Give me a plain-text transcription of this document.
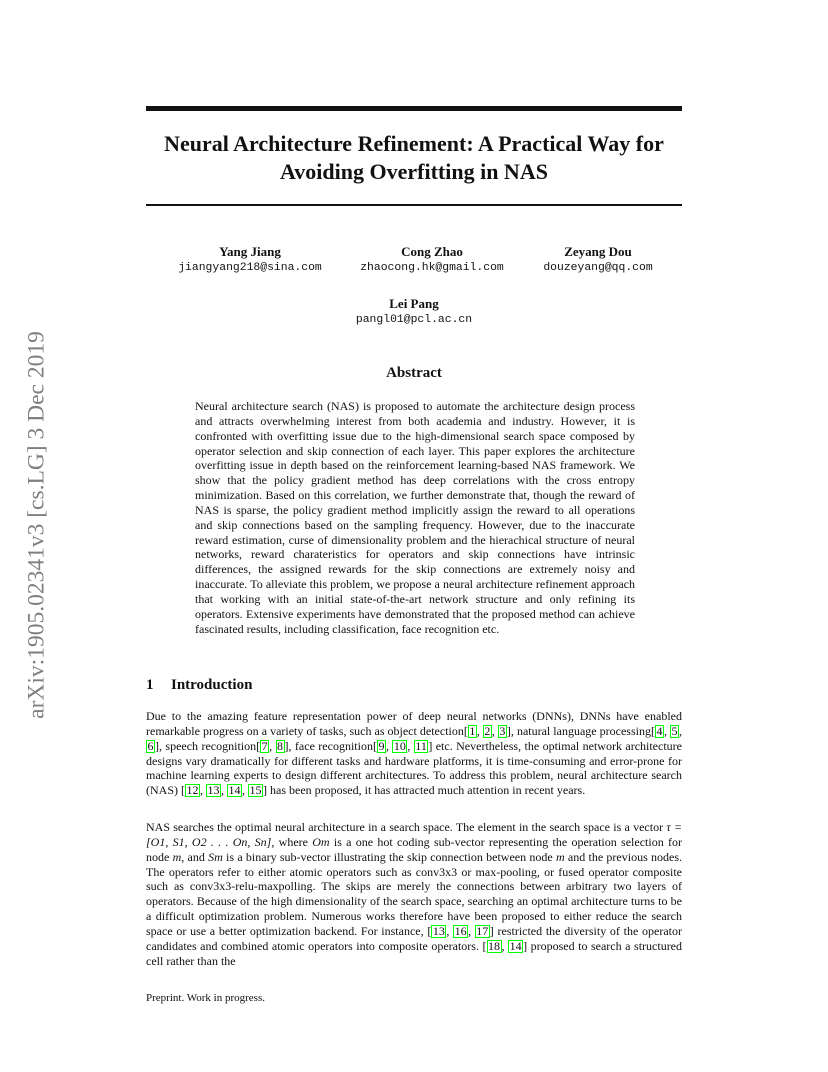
Neural Architecture Refinement: A Practical Way for
Avoiding Overfitting in NAS
arXiv:1905.02341v3 [cs.LG] 3 Dec 2019
Yang Jiang
jiangyang218@sina.com
Cong Zhao
zhaocong.hk@gmail.com
Zeyang Dou
douzeyang@qq.com
Lei Pang
pangl01@pcl.ac.cn
Abstract
Neural architecture search (NAS) is proposed to automate the architecture design process and attracts overwhelming interest from both academia and industry. However, it is confronted with overfitting issue due to the high-dimensional search space composed by operator selection and skip connection of each layer. This paper explores the architecture overfitting issue in depth based on the reinforcement learning-based NAS framework. We show that the policy gradient method has deep correlations with the cross entropy minimization. Based on this correlation, we further demonstrate that, though the reward of NAS is sparse, the policy gradient method implicitly assign the reward to all operations and skip connections based on the sampling frequency. However, due to the inaccurate reward estimation, curse of dimensionality problem and the hierachical structure of neural networks, reward charateristics for operators and skip connections have intrinsic differences, the assigned rewards for the skip connections are extremely noisy and inaccurate. To alleviate this problem, we propose a neural architecture refinement approach that working with an initial state-of-the-art network structure and only refining its operators. Extensive experiments have demonstrated that the proposed method can achieve fascinated results, including classification, face recognition etc.
1 Introduction
Due to the amazing feature representation power of deep neural networks (DNNs), DNNs have enabled remarkable progress on a variety of tasks, such as object detection[ 1 , 2 , 3 ], natural language processing[ 4 , 5 , 6 ], speech recognition[ 7 , 8 ], face recognition[ 9 , 10 , 11 ] etc. Nevertheless, the optimal network architecture designs vary dramatically for different tasks and hardware platforms, it is time-consuming and error-prone for machine learning experts to design different architectures. To address this problem, neural architecture search (NAS) [ 12 , 13 , 14 , 15 ] has been proposed, it has attracted much attention in recent years.
NAS searches the optimal neural architecture in a search space. The element in the search space is a vector τ = [O1, S1, O2 . . . On, Sn], where Om is a one hot coding sub-vector representing the operation selection for node m, and Sm is a binary sub-vector illustrating the skip connection between node m and the previous nodes. The operators refer to either atomic operators such as conv3x3 or max-pooling, or fused operator composite such as conv3x3-relu-maxpolling. The skips are merely the connections between arbitrary two layers of operators. Because of the high dimensionality of the search space, searching an optimal architecture turns to be a difficult optimization problem. Numerous works therefore have been proposed to either reduce the search space or use a better optimization backend. For instance, [ 13 , 16 , 17 ] restricted the diversity of the operator candidates and combined atomic operators into composite operators. [ 18 , 14 ] proposed to search a structured cell rather than the
Preprint. Work in progress.
